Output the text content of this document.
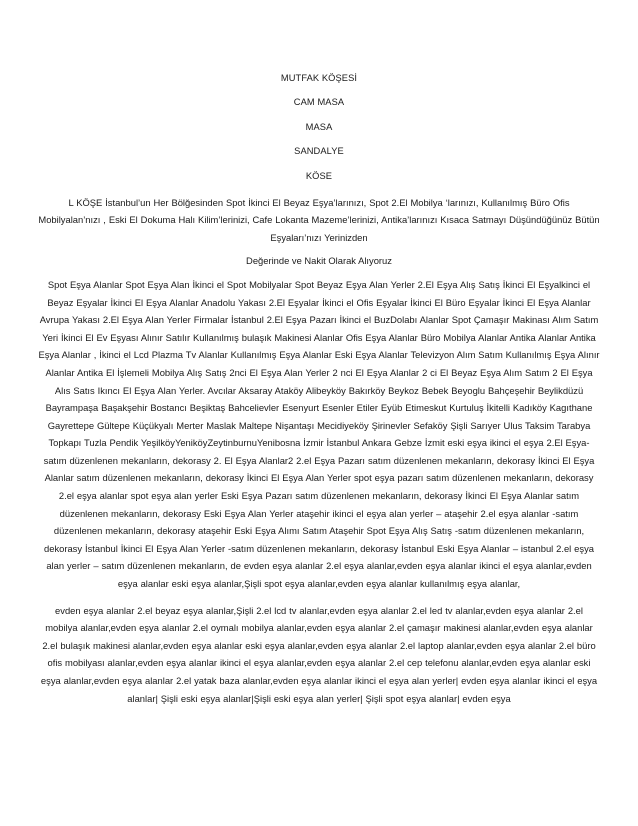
MUTFAK KÖŞESİ
CAM MASA
MASA
SANDALYE
KÖSE

L KÖŞE İstanbul’un Her Bölğesinden Spot İkinci El Beyaz Eşya’larınızı, Spot 2.El Mobilya ‘larınızı, Kullanılmış Büro Ofis Mobilyalan’nızı , Eski El Dokuma Halı Kilim’lerinizi, Cafe Lokanta Mazeme’lerinizi, Antika’larınızı Kısaca Satmayı Düşündüğünüz Bütün Eşyaları’nızı Yerinizden

Değerinde ve Nakit Olarak Alıyoruz

Spot Eşya Alanlar Spot Eşya Alan İkinci el Spot Mobilyalar Spot Beyaz Eşya Alan Yerler 2.El Eşya Alış Satış İkinci El Eşyalkinci el Beyaz Eşyalar İkinci El Eşya Alanlar Anadolu Yakası 2.El Eşyalar İkinci el Ofis Eşyalar İkinci El Büro Eşyalar İkinci El Eşya Alanlar Avrupa Yakası 2.El Eşya Alan Yerler Firmalar İstanbul 2.El Eşya Pazarı İkinci el BuzDolabı Alanlar Spot Çamaşır Makinası Alım Satım Yeri İkinci El Ev Eşyası Alınır Satılır Kullanılmış bulaşık Makinesi Alanlar Ofis Eşya Alanlar Büro Mobilya Alanlar Antika Alanlar Antika Eşya Alanlar , İkinci el Lcd Plazma Tv Alanlar Kullanılmış Eşya Alanlar Eski Eşya Alanlar Televizyon Alım Satım Kullanılmış Eşya Alınır Alanlar Antika El İşlemeli Mobilya Alış Satış 2nci El Eşya Alan Yerler 2 nci El Eşya Alanlar 2 ci El Beyaz Eşya Alım Satım 2 El Eşya Alıs Satıs Ikıncı El Eşya Alan Yerler. Avcılar Aksaray Ataköy Alibeyköy Bakırköy Beykoz Bebek Beyoglu Bahçeşehir Beylikdüzü Bayrampaşa Başakşehir Bostancı Beşiktaş Bahcelievler Esenyurt Esenler Etiler Eyüb Etimeskut Kurtuluş İkitelli Kadıköy Kagıthane Gayrettepe Gültepe Küçükyalı Merter Maslak Maltepe Nişantaşı Mecidiyeköy Şirinevler Sefaköy Şişli Sarıyer Ulus Taksim Tarabya Topkapı Tuzla Pendik YeşilköyYeniköyZeytinburnuYenibosna İzmir İstanbul Ankara Gebze İzmit eski eşya ikinci el eşya 2.El Eşya- satım düzenlenen mekanların, dekorasy 2. El Eşya Alanlar2 2.el Eşya Pazarı satım düzenlenen mekanların, dekorasy İkinci El Eşya Alanlar satım düzenlenen mekanların, dekorasy İkinci El Eşya Alan Yerler spot eşya pazarı satım düzenlenen mekanların, dekorasy 2.el eşya alanlar spot eşya alan yerler Eski Eşya Pazarı satım düzenlenen mekanların, dekorasy İkinci El Eşya Alanlar satım düzenlenen mekanların, dekorasy Eski Eşya Alan Yerler ataşehir ikinci el eşya alan yerler – ataşehir 2.el eşya alanlar -satım düzenlenen mekanların, dekorasy ataşehir Eski Eşya Alımı Satım Ataşehir Spot Eşya Alış Satış -satım düzenlenen mekanların, dekorasy İstanbul İkinci El Eşya Alan Yerler -satım düzenlenen mekanların, dekorasy İstanbul Eski Eşya Alanlar – istanbul 2.el eşya alan yerler – satım düzenlenen mekanların, de evden eşya alanlar 2.el eşya alanlar,evden eşya alanlar ikinci el eşya alanlar,evden eşya alanlar eski eşya alanlar,Şişli spot eşya alanlar,evden eşya alanlar kullanılmış eşya alanlar,

evden eşya alanlar 2.el beyaz eşya alanlar,Şişli 2.el lcd tv alanlar,evden eşya alanlar 2.el led tv alanlar,evden eşya alanlar 2.el mobilya alanlar,evden eşya alanlar 2.el oymalı mobilya alanlar,evden eşya alanlar 2.el çamaşır makinesi alanlar,evden eşya alanlar 2.el bulaşık makinesi alanlar,evden eşya alanlar eski eşya alanlar,evden eşya alanlar 2.el laptop alanlar,evden eşya alanlar 2.el büro ofis mobilyası alanlar,evden eşya alanlar ikinci el eşya alanlar,evden eşya alanlar 2.el cep telefonu alanlar,evden eşya alanlar eski eşya alanlar,evden eşya alanlar 2.el yatak baza alanlar,evden eşya alanlar ikinci el eşya alan yerler| evden eşya alanlar ikinci el eşya alanlar| Şişli eski eşya alanlar|Şişli eski eşya alan yerler| Şişli spot eşya alanlar| evden eşya
